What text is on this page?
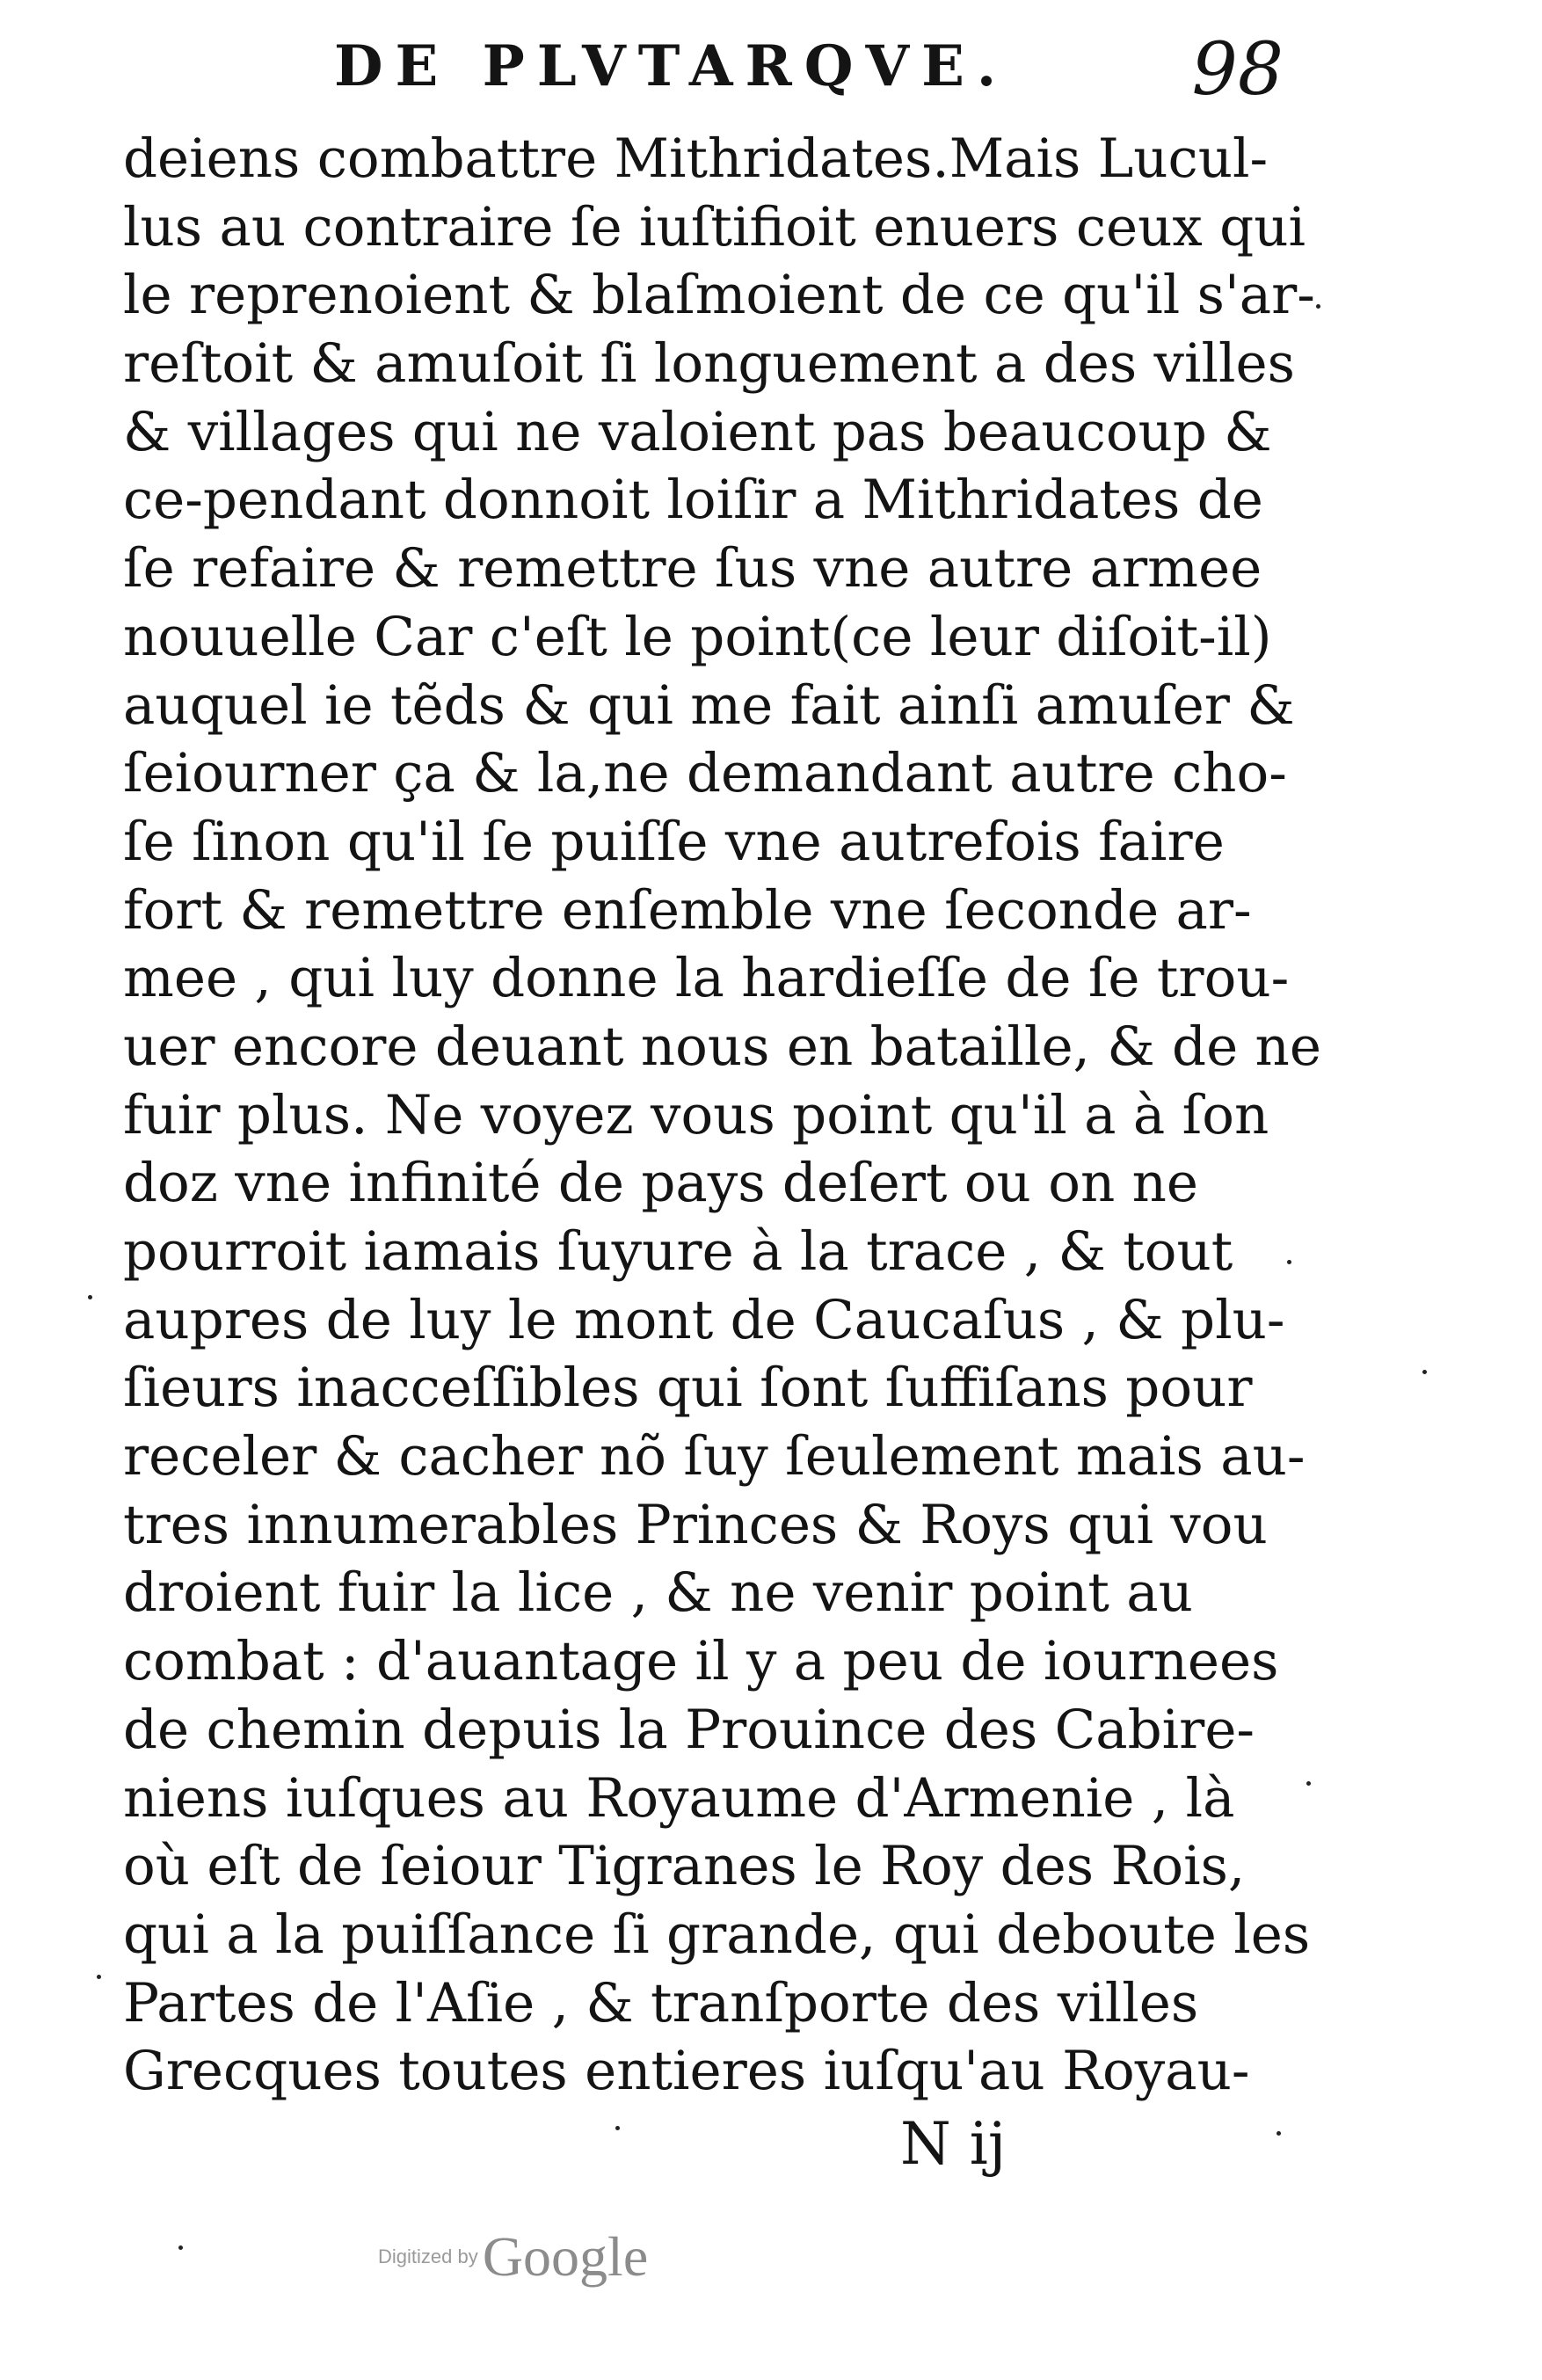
DE PLVTARQVE.	98
deiens combattre Mithridates.Mais Lucul-
lus au contraire ſe iuſtifioit enuers ceux qui
le reprenoient & blaſmoient de ce qu'il s'ar-
reſtoit & amuſoit ſi longuement a des villes
& villages qui ne valoient pas beaucoup &
ce-pendant donnoit loiſir a Mithridates de
ſe refaire & remettre ſus vne autre armee
nouuelle Car c'eſt le point(ce leur diſoit-il)
auquel ie tẽds & qui me fait ainſi amuſer &
ſeiourner ça & la,ne demandant autre cho-
ſe ſinon qu'il ſe puiſſe vne autrefois faire
fort & remettre enſemble vne ſeconde ar-
mee , qui luy donne la hardieſſe de ſe trou-
uer encore deuant nous en bataille, & de ne
fuir plus. Ne voyez vous point qu'il a à ſon
doz vne infinité de pays deſert ou on ne
pourroit iamais ſuyure à la trace , & tout
aupres de luy le mont de Caucaſus , & plu-
ſieurs inacceſſibles qui ſont ſuffiſans pour
receler & cacher nõ ſuy ſeulement mais au-
tres innumerables Princes & Roys qui vou
droient fuir la lice , & ne venir point au
combat : d'auantage il y a peu de iournees
de chemin depuis la Prouince des Cabire-
niens iuſques au Royaume d'Armenie , là
où eſt de ſeiour Tigranes le Roy des Rois,
qui a la puiſſance ſi grande, qui deboute les
Partes de l'Aſie , & tranſporte des villes
Grecques toutes entieres iuſqu'au Royau-
N ij
Digitized by Google
